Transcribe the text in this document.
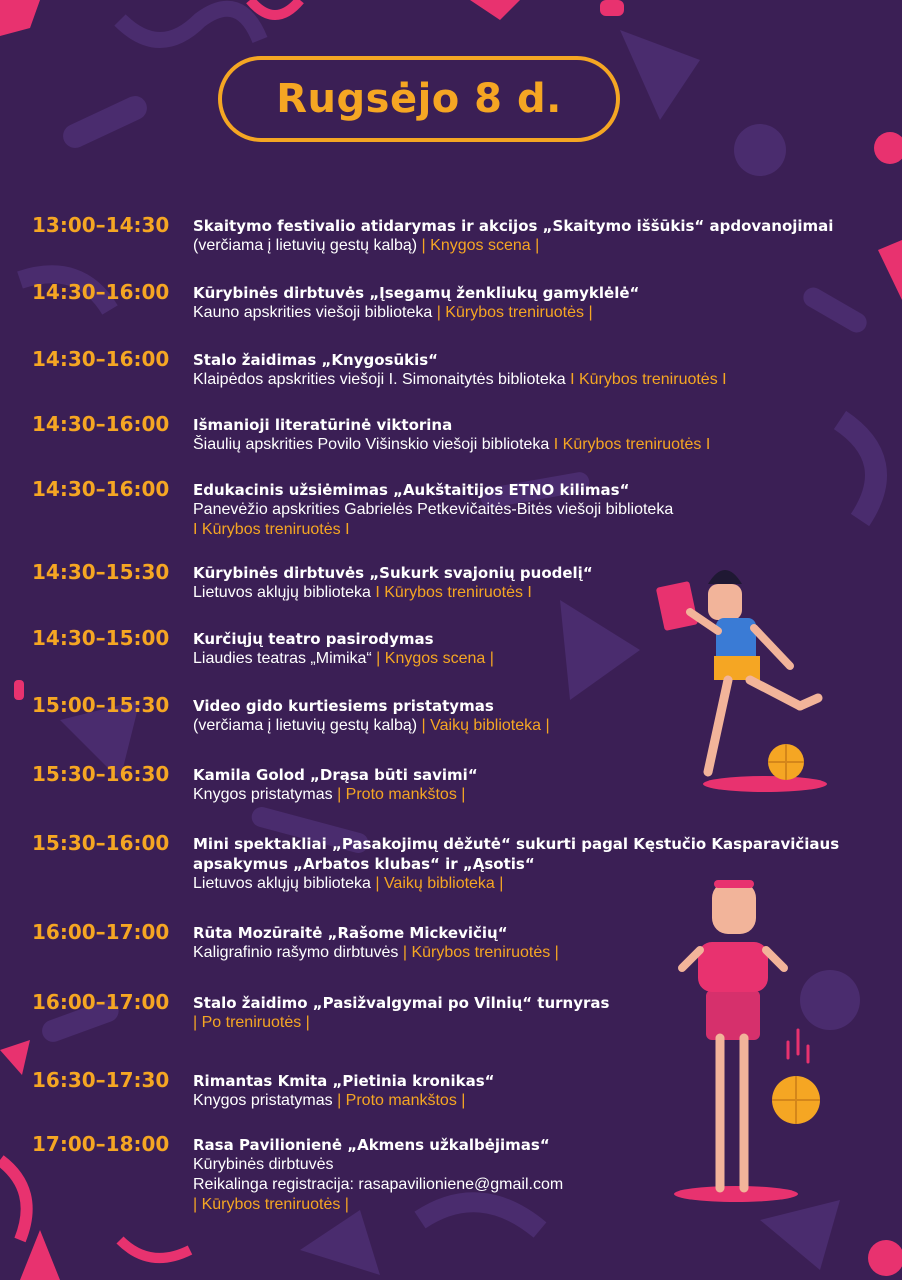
Rugsėjo 8 d.
13:00–14:30 Skaitymo festivalio atidarymas ir akcijos „Skaitymo iššūkis“ apdovanojimai
(verčiama į lietuvių gestų kalbą) | Knygos scena |
14:30–16:00 Kūrybinės dirbtuvės „Įsegamų ženkliukų gamyklėlė“
Kauno apskrities viešoji biblioteka | Kūrybos treniruotės |
14:30–16:00 Stalo žaidimas „Knygosūkis“
Klaipėdos apskrities viešoji I. Simonaitytės biblioteka I Kūrybos treniruotės I
14:30–16:00 Išmanioji literatūrinė viktorina
Šiaulių apskrities Povilo Višinskio viešoji biblioteka I Kūrybos treniruotės I
14:30–16:00 Edukacinis užsiėmimas „Aukštaitijos ETNO kilimas“
Panevėžio apskrities Gabrielės Petkevičaitės-Bitės viešoji biblioteka
I Kūrybos treniruotės I
14:30–15:30 Kūrybinės dirbtuvės „Sukurk svajonių puodelį“
Lietuvos aklųjų biblioteka I Kūrybos treniruotės I
14:30–15:00 Kurčiųjų teatro pasirodymas
Liaudies teatras „Mimika“ | Knygos scena |
15:00–15:30 Video gido kurtiesiems pristatymas
(verčiama į lietuvių gestų kalbą) | Vaikų biblioteka |
15:30–16:30 Kamila Golod „Drąsa būti savimi“
Knygos pristatymas | Proto mankštos |
15:30–16:00 Mini spektakliai „Pasakojimų dėžutė“ sukurti pagal Kęstučio Kasparavičiaus
apsakymus „Arbatos klubas“ ir „Ąsotis“
Lietuvos aklųjų biblioteka | Vaikų biblioteka |
16:00–17:00 Rūta Mozūraitė „Rašome Mickevičių“
Kaligrafinio rašymo dirbtuvės | Kūrybos treniruotės |
16:00–17:00 Stalo žaidimo „Pasižvalgymai po Vilnių“ turnyras
| Po treniruotės |
16:30–17:30 Rimantas Kmita „Pietinia kronikas“
Knygos pristatymas | Proto mankštos |
17:00–18:00 Rasa Pavilionienė „Akmens užkalbėjimas“
Kūrybinės dirbtuvės
Reikalinga registracija: rasapavilioniene@gmail.com
| Kūrybos treniruotės |
